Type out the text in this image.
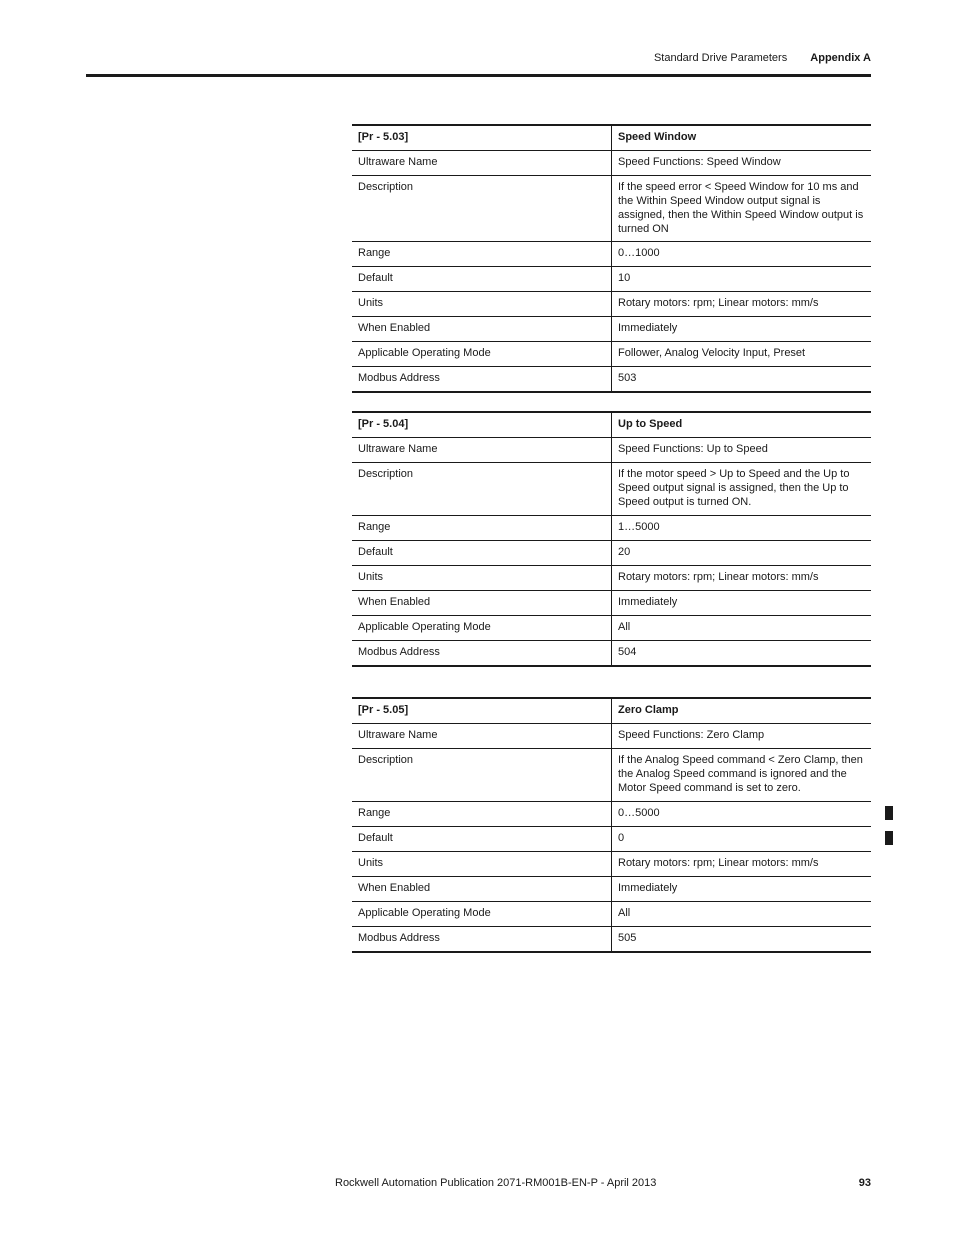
Standard Drive Parameters Appendix A
[Pr - 5.03]	Speed Window
Ultraware Name	Speed Functions: Speed Window
Description	If the speed error < Speed Window for 10 ms and the Within Speed Window output signal is assigned, then the Within Speed Window output is turned ON
Range	0…1000
Default	10
Units	Rotary motors: rpm; Linear motors: mm/s
When Enabled	Immediately
Applicable Operating Mode	Follower, Analog Velocity Input, Preset
Modbus Address	503
[Pr - 5.04]	Up to Speed
Ultraware Name	Speed Functions: Up to Speed
Description	If the motor speed > Up to Speed and the Up to Speed output signal is assigned, then the Up to Speed output is turned ON.
Range	1…5000
Default	20
Units	Rotary motors: rpm; Linear motors: mm/s
When Enabled	Immediately
Applicable Operating Mode	All
Modbus Address	504
[Pr - 5.05]	Zero Clamp
Ultraware Name	Speed Functions: Zero Clamp
Description	If the Analog Speed command < Zero Clamp, then the Analog Speed command is ignored and the Motor Speed command is set to zero.
Range	0…5000
Default	0
Units	Rotary motors: rpm; Linear motors: mm/s
When Enabled	Immediately
Applicable Operating Mode	All
Modbus Address	505
Rockwell Automation Publication 2071-RM001B-EN-P - April 2013	93
